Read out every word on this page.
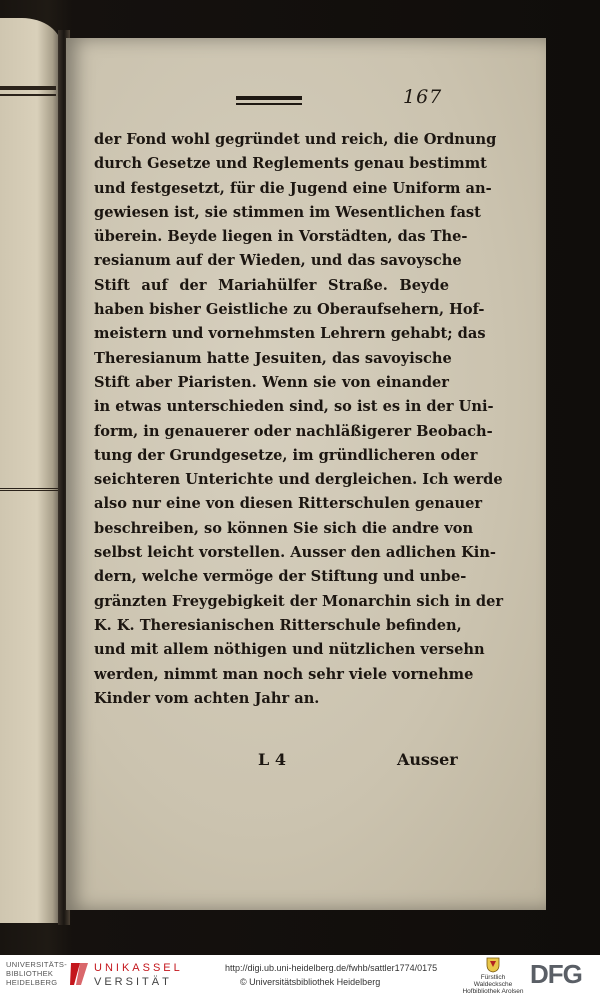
167
der Fond wohl gegründet und reich, die Ordnung
durch Gesetze und Reglements genau bestimmt
und festgesetzt, für die Jugend eine Uniform an-
gewiesen ist, sie stimmen im Wesentlichen fast
überein. Beyde liegen in Vorstädten, das The-
resianum auf der Wieden, und das savoysche
Stift auf der Mariahülfer Straße. Beyde
haben bisher Geistliche zu Oberaufsehern, Hof-
meistern und vornehmsten Lehrern gehabt; das
Theresianum hatte Jesuiten, das savoyische
Stift aber Piaristen. Wenn sie von einander
in etwas unterschieden sind, so ist es in der Uni-
form, in genauerer oder nachläßigerer Beobach-
tung der Grundgesetze, im gründlicheren oder
seichteren Unterichte und dergleichen. Ich werde
also nur eine von diesen Ritterschulen genauer
beschreiben, so können Sie sich die andre von
selbst leicht vorstellen. Ausser den adlichen Kin-
dern, welche vermöge der Stiftung und unbe-
gränzten Freygebigkeit der Monarchin sich in der
K. K. Theresianischen Ritterschule befinden,
und mit allem nöthigen und nützlichen versehn
werden, nimmt man noch sehr viele vornehme
Kinder vom achten Jahr an.
L 4	Ausser
UNIVERSITÄTS-
BIBLIOTHEK
HEIDELBERG
UNIKASSEL
VERSITÄT
http://digi.ub.uni-heidelberg.de/fwhb/sattler1774/0175
© Universitätsbibliothek Heidelberg	Fürstlich Waldecksche
Hofbibliothek Arolsen
DFG
